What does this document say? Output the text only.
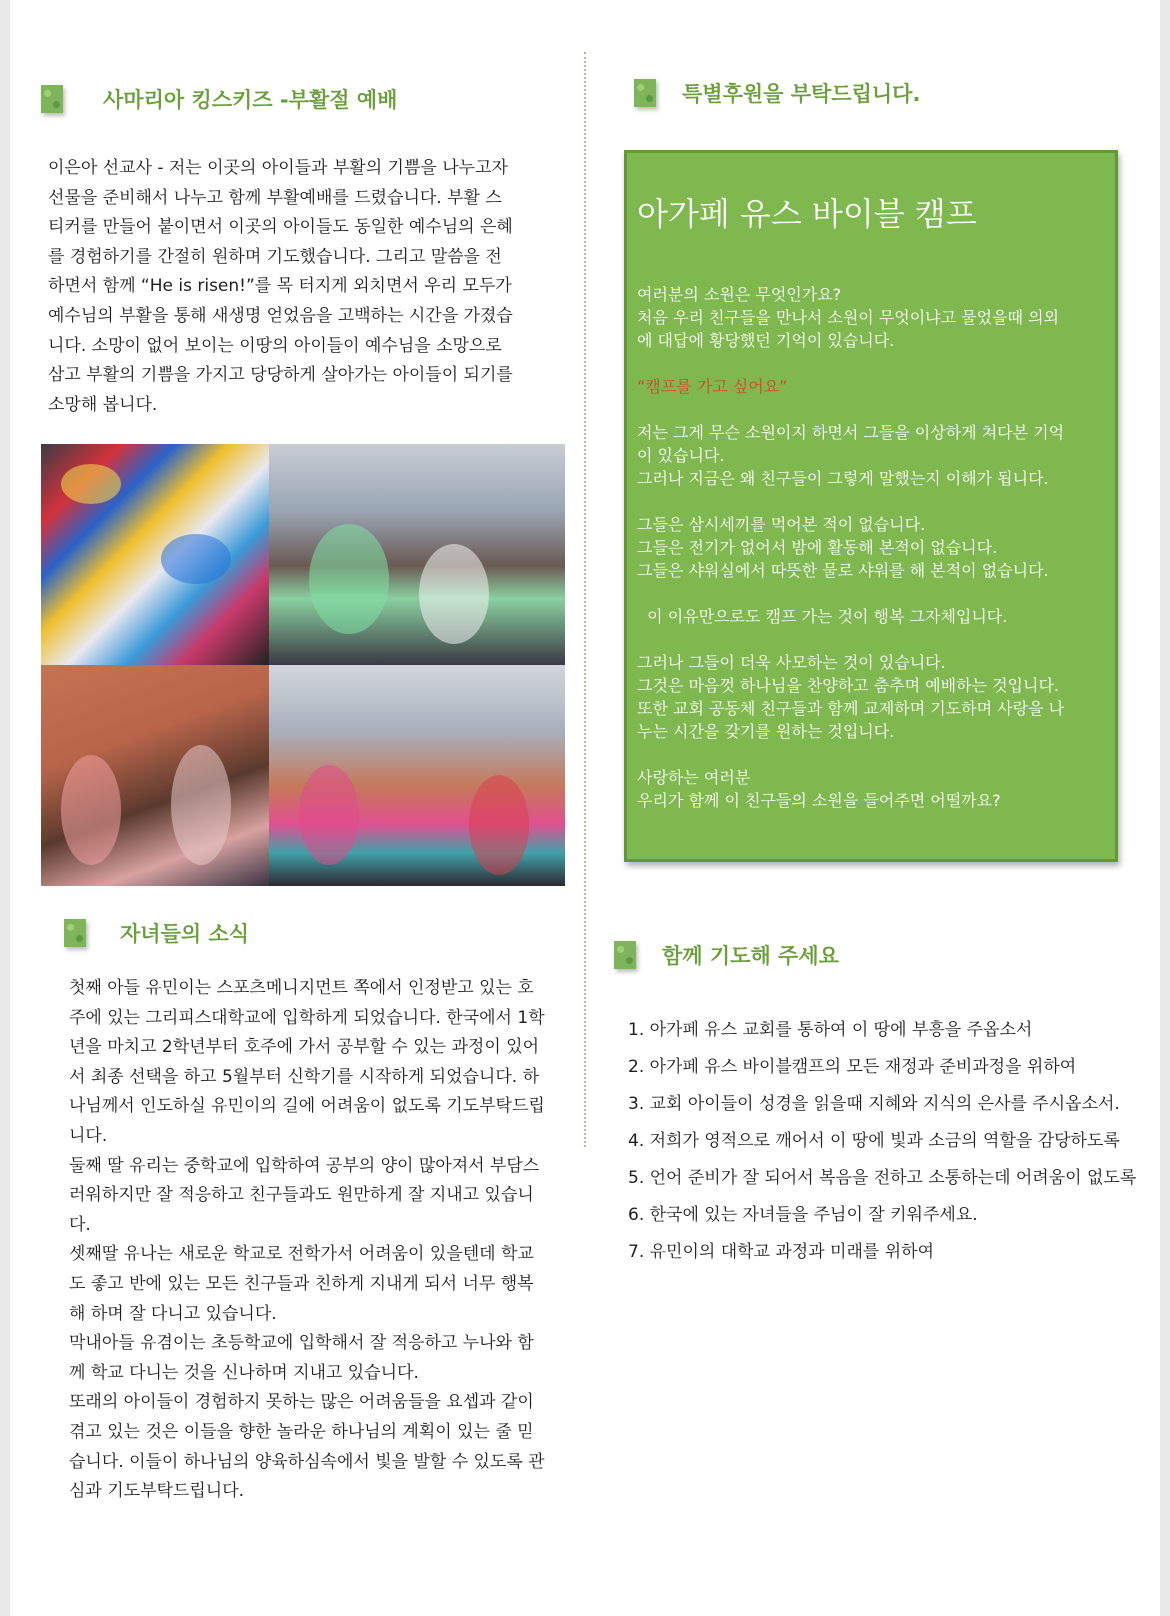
사마리아 킹스키즈 -부활절 예배

이은아 선교사 - 저는 이곳의 아이들과 부활의 기쁨을 나누고자

선물을 준비해서 나누고 함께 부활예배를 드렸습니다. 부활 스

티커를 만들어 붙이면서 이곳의 아이들도 동일한 예수님의 은혜

를 경험하기를 간절히 원하며 기도했습니다. 그리고 말씀을 전

하면서 함께 “He is risen!”를 목 터지게 외치면서 우리 모두가

예수님의 부활을 통해 새생명 얻었음을 고백하는 시간을 가졌습

니다. 소망이 없어 보이는 이땅의 아이들이 예수님을 소망으로

삼고 부활의 기쁨을 가지고 당당하게 살아가는 아이들이 되기를

소망해 봅니다.

자녀들의 소식

첫째 아들 유민이는 스포츠메니지먼트 쪽에서 인정받고 있는 호

주에 있는 그리피스대학교에 입학하게 되었습니다. 한국에서 1학

년을 마치고 2학년부터 호주에 가서 공부할 수 있는 과정이 있어

서 최종 선택을 하고 5월부터 신학기를 시작하게 되었습니다. 하

나님께서 인도하실 유민이의 길에 어려움이 없도록 기도부탁드립

니다.

둘째 딸 유리는 중학교에 입학하여 공부의 양이 많아져서 부담스

러워하지만 잘 적응하고 친구들과도 원만하게 잘 지내고 있습니

다.

셋째딸 유나는 새로운 학교로 전학가서 어려움이 있을텐데 학교

도 좋고 반에 있는 모든 친구들과 친하게 지내게 되서 너무 행복

해 하며 잘 다니고 있습니다.

막내아들 유겸이는 초등학교에 입학해서 잘 적응하고 누나와 함

께 학교 다니는 것을 신나하며 지내고 있습니다.

또래의 아이들이 경험하지 못하는 많은 어려움들을 요셉과 같이

겪고 있는 것은 이들을 향한 놀라운 하나님의 계획이 있는 줄 믿

습니다. 이들이 하나님의 양육하심속에서 빛을 발할 수 있도록 관

심과 기도부탁드립니다.

특별후원을 부탁드립니다.
아가페 유스 바이블 캠프

여러분의 소원은 무엇인가요?

처음 우리 친구들을 만나서 소원이 무엇이냐고 물었을때 의외

에 대답에 황당했던 기억이 있습니다.

“캠프를 가고 싶어요”

저는 그게 무슨 소원이지 하면서 그들을 이상하게 쳐다본 기억

이 있습니다.

그러나 지금은 왜 친구들이 그렇게 말했는지 이해가 됩니다.

그들은 삼시세끼를 먹어본 적이 없습니다.

그들은 전기가 없어서 밤에 활동해 본적이 없습니다.

그들은 샤워실에서 따뜻한 물로 샤워를 해 본적이 없습니다.

이 이유만으로도 캠프 가는 것이 행복 그자체입니다.

그러나 그들이 더욱 사모하는 것이 있습니다.

그것은 마음껏 하나님을 찬양하고 춤추며 예배하는 것입니다.

또한 교회 공동체 친구들과 함께 교제하며 기도하며 사랑을 나

누는 시간을 갖기를 원하는 것입니다.

사랑하는 여러분

우리가 함께 이 친구들의 소원을 들어주면 어떨까요?

함께 기도해 주세요
1. 아가페 유스 교회를 통하여 이 땅에 부흥을 주옵소서
2. 아가페 유스 바이블캠프의 모든 재정과 준비과정을 위하여
3. 교회 아이들이 성경을 읽을때 지혜와 지식의 은사를 주시옵소서.
4. 저희가 영적으로 깨어서 이 땅에 빛과 소금의 역할을 감당하도록
5. 언어 준비가 잘 되어서 복음을 전하고 소통하는데 어려움이 없도록
6. 한국에 있는 자녀들을 주님이 잘 키워주세요.
7. 유민이의 대학교 과정과 미래를 위하여
